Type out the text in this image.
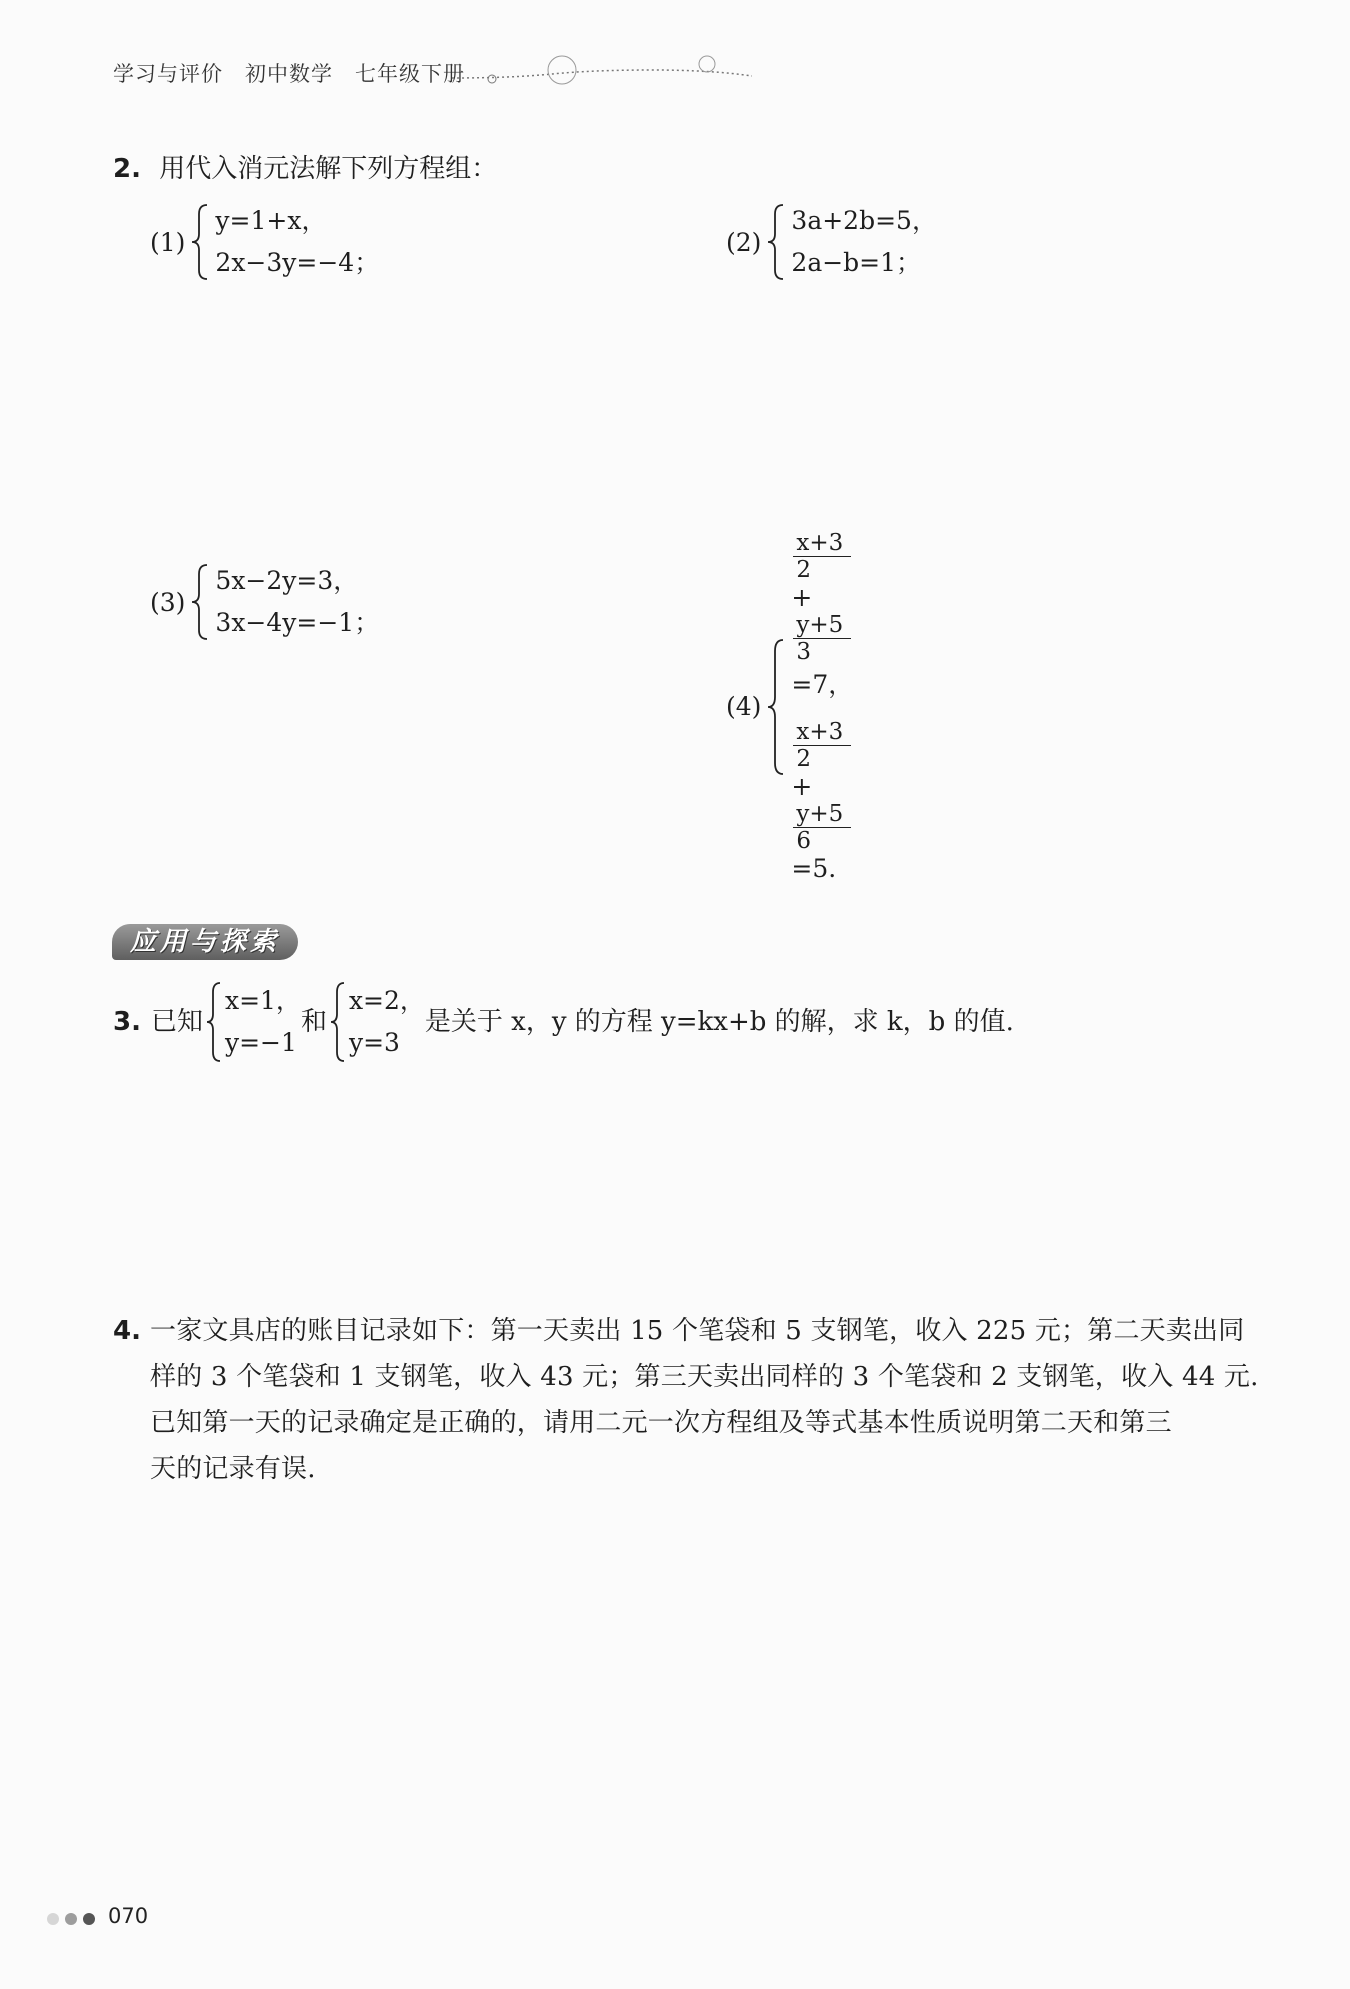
学习与评价　初中数学　七年级下册
2. 用代入消元法解下列方程组：
(1)
y=1+x，
2x−3y=−4；
(2)
3a+2b=5，
2a−b=1；
(3)
5x−2y=3，
3x−4y=−1；
(4)
x+3
2
+
y+5
3
=7，
x+3
2
+
y+5
6
=5.
应用与探索
3. 已知
x=1，
y=−1
和
x=2，
y=3
是关于 x，y 的方程 y=kx+b 的解，求 k，b 的值.
4. 一家文具店的账目记录如下：第一天卖出 15 个笔袋和 5 支钢笔，收入 225 元；第二天卖出同
样的 3 个笔袋和 1 支钢笔，收入 43 元；第三天卖出同样的 3 个笔袋和 2 支钢笔，收入 44 元.
已知第一天的记录确定是正确的，请用二元一次方程组及等式基本性质说明第二天和第三
天的记录有误.
070
